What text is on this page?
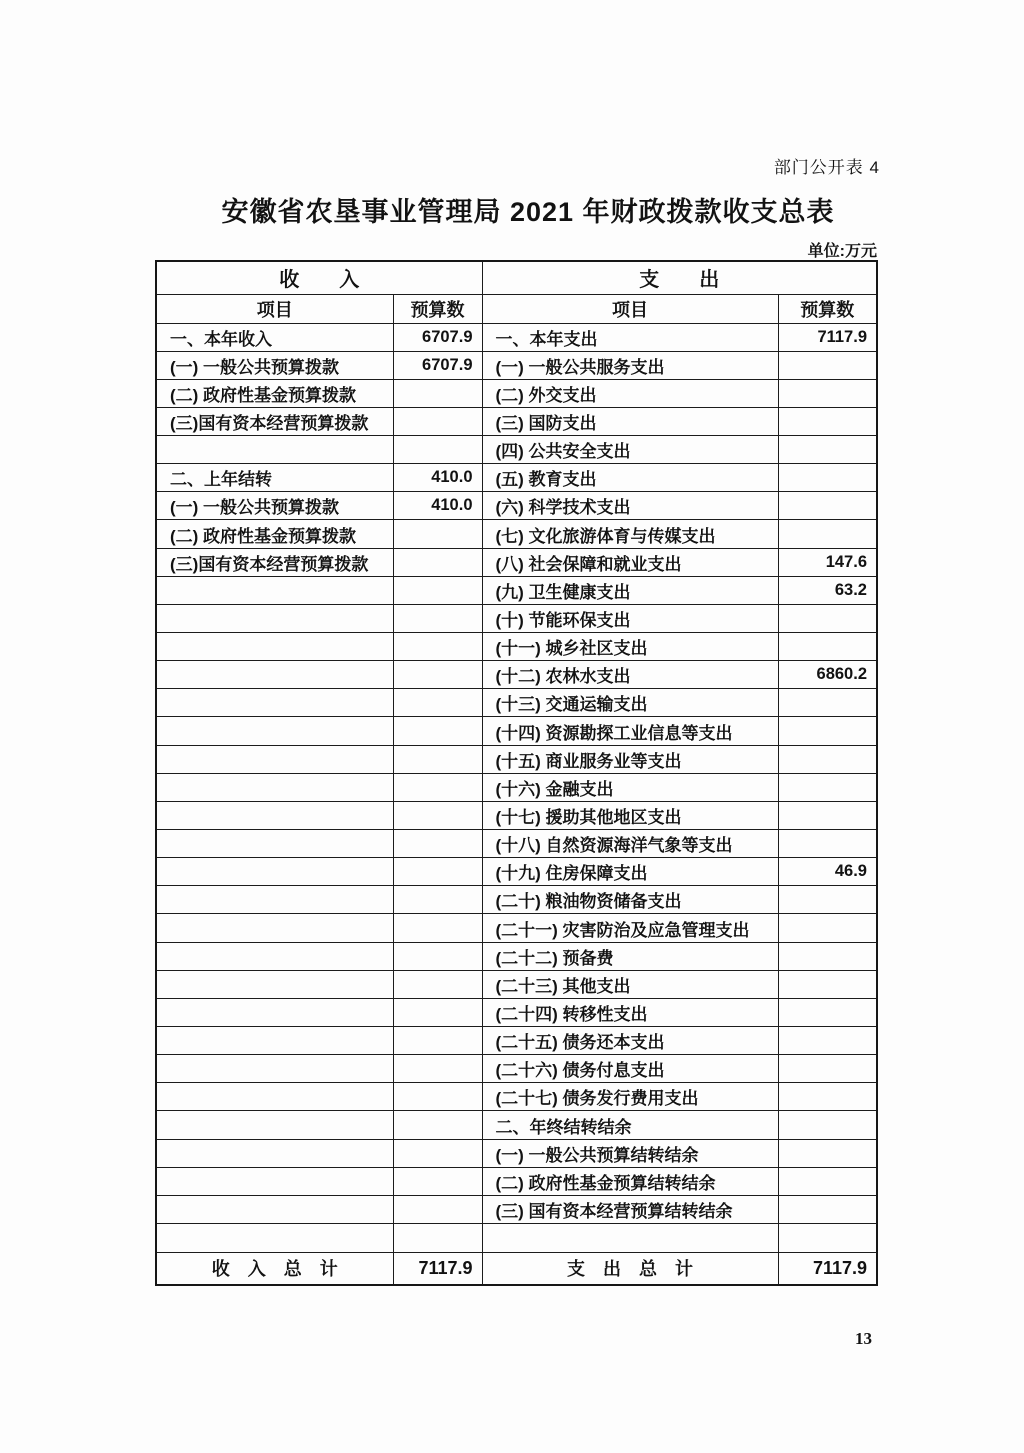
部门公开表 4
安徽省农垦事业管理局 2021 年财政拨款收支总表
单位:万元
收　　入		支　　出	
项目	预算数	项目	预算数
一、本年收入	6707.9	一、本年支出	7117.9
(一) 一般公共预算拨款	6707.9	(一) 一般公共服务支出	
(二) 政府性基金预算拨款		(二) 外交支出	
(三)国有资本经营预算拨款		(三) 国防支出	
		(四) 公共安全支出	
二、上年结转	410.0	(五) 教育支出	
(一) 一般公共预算拨款	410.0	(六) 科学技术支出	
(二) 政府性基金预算拨款		(七) 文化旅游体育与传媒支出	
(三)国有资本经营预算拨款		(八) 社会保障和就业支出	147.6
		(九) 卫生健康支出	63.2
		(十) 节能环保支出	
		(十一) 城乡社区支出	
		(十二) 农林水支出	6860.2
		(十三) 交通运输支出	
		(十四) 资源勘探工业信息等支出	
		(十五) 商业服务业等支出	
		(十六) 金融支出	
		(十七) 援助其他地区支出	
		(十八) 自然资源海洋气象等支出	
		(十九) 住房保障支出	46.9
		(二十) 粮油物资储备支出	
		(二十一) 灾害防治及应急管理支出	
		(二十二) 预备费	
		(二十三) 其他支出	
		(二十四) 转移性支出	
		(二十五) 债务还本支出	
		(二十六) 债务付息支出	
		(二十七) 债务发行费用支出	
		二、年终结转结余	
		(一) 一般公共预算结转结余	
		(二) 政府性基金预算结转结余	
		(三) 国有资本经营预算结转结余	

收　入　总　计	7117.9	支　出　总　计	7117.9
13
